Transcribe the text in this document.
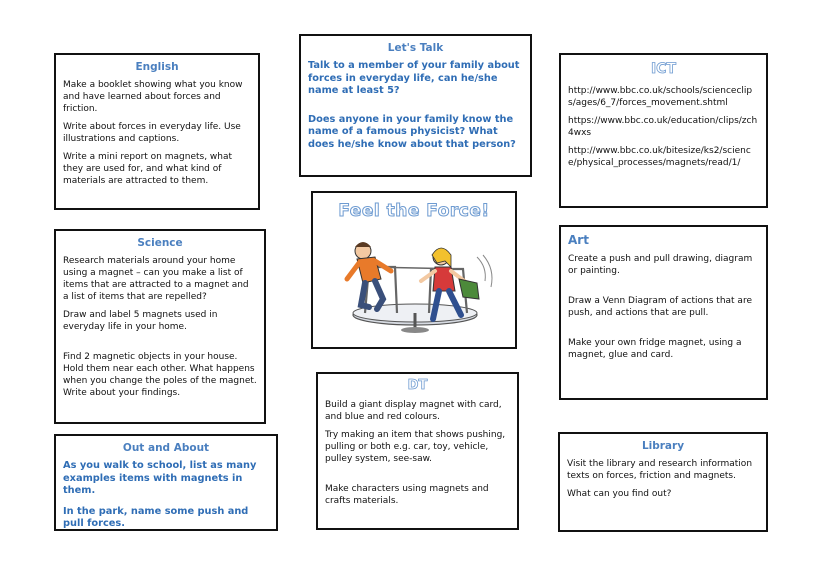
English

Make a booklet showing what you know and have learned about forces and friction.

Write about forces in everyday life. Use illustrations and captions.

Write a mini report on magnets, what they are used for, and what kind of materials are attracted to them.

Let's Talk

Talk to a member of your family about forces in everyday life, can he/she name at least 5?

Does anyone in your family know the name of a famous physicist? What does he/she know about that person?

ICT

http://www.bbc.co.uk/schools/scienceclips/ages/6_7/forces_movement.shtml

https://www.bbc.co.uk/education/clips/zch4wxs

http://www.bbc.co.uk/bitesize/ks2/science/physical_processes/magnets/read/1/

Feel the Force!
Science

Research materials around your home using a magnet – can you make a list of items that are attracted to a magnet and a list of items that are repelled?

Draw and label 5 magnets used in everyday life in your home.

Find 2 magnetic objects in your house. Hold them near each other. What happens when you change the poles of the magnet. Write about your findings.

Art

Create a push and pull drawing, diagram or painting.

Draw a Venn Diagram of actions that are push, and actions that are pull.

Make your own fridge magnet, using a magnet, glue and card.

DT

Build a giant display magnet with card, and blue and red colours.

Try making an item that shows pushing, pulling or both e.g. car, toy, vehicle, pulley system, see-saw.

Make characters using magnets and crafts materials.

Out and About

As you walk to school, list as many examples items with magnets in them.

In the park, name some push and pull forces.

Library

Visit the library and research information texts on forces, friction and magnets.

What can you find out?
